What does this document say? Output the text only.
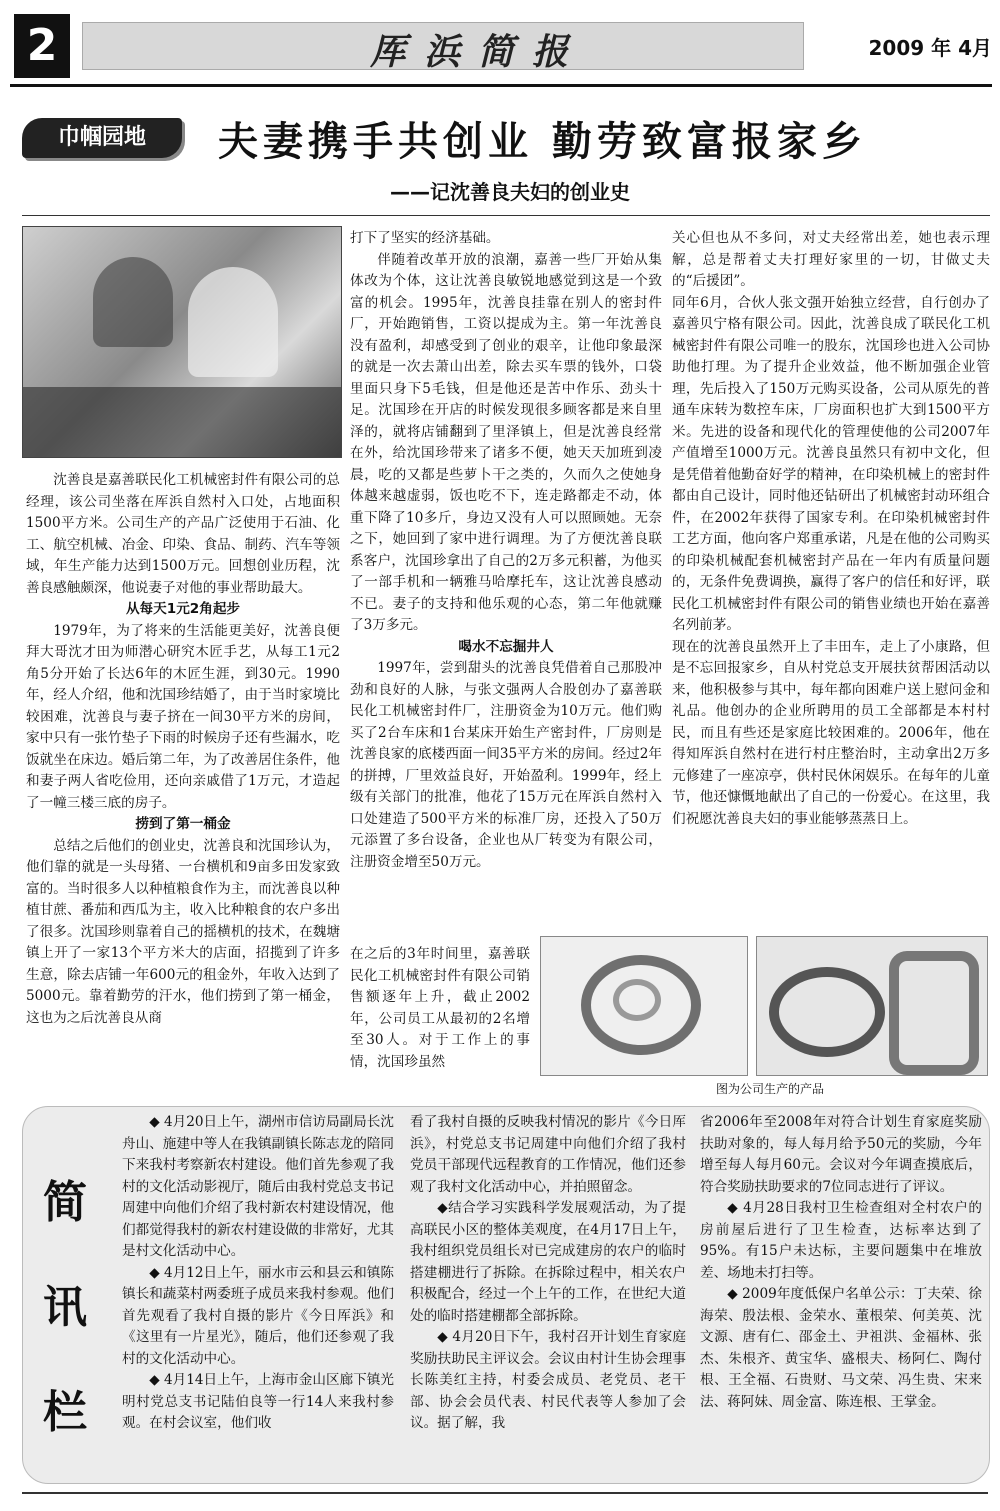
2	厍浜简报	2009 年 4月
巾帼园地	夫妻携手共创业 勤劳致富报家乡
——记沈善良夫妇的创业史

沈善良是嘉善联民化工机械密封件有限公司的总经理，该公司坐落在厍浜自然村入口处，占地面积1500平方米。公司生产的产品广泛使用于石油、化工、航空机械、冶金、印染、食品、制药、汽车等领域，年生产能力达到1500万元。回想创业历程，沈善良感触颇深，他说妻子对他的事业帮助最大。

从每天1元2角起步

1979年，为了将来的生活能更美好，沈善良便拜大哥沈才田为师潜心研究木匠手艺，从每工1元2角5分开始了长达6年的木匠生涯，到30元。1990年，经人介绍，他和沈国珍结婚了，由于当时家境比较困难，沈善良与妻子挤在一间30平方米的房间，家中只有一张竹垫子下雨的时候房子还有些漏水，吃饭就坐在床边。婚后第二年，为了改善居住条件，他和妻子两人省吃俭用，还向亲戚借了1万元，才造起了一幢三楼三底的房子。

捞到了第一桶金

总结之后他们的创业史，沈善良和沈国珍认为，他们靠的就是一头母猪、一台横机和9亩多田发家致富的。当时很多人以种植粮食作为主，而沈善良以种植甘蔗、番茄和西瓜为主，收入比种粮食的农户多出了很多。沈国珍则靠着自己的摇横机的技术，在魏塘镇上开了一家13个平方米大的店面，招揽到了许多生意，除去店铺一年600元的租金外，年收入达到了5000元。靠着勤劳的汗水，他们捞到了第一桶金，这也为之后沈善良从商

打下了坚实的经济基础。

伴随着改革开放的浪潮，嘉善一些厂开始从集体改为个体，这让沈善良敏锐地感觉到这是一个致富的机会。1995年，沈善良挂靠在别人的密封件厂，开始跑销售，工资以提成为主。第一年沈善良没有盈利，却感受到了创业的艰辛，让他印象最深的就是一次去萧山出差，除去买车票的钱外，口袋里面只身下5毛钱，但是他还是苦中作乐、劲头十足。沈国珍在开店的时候发现很多顾客都是来自里泽的，就将店铺翻到了里泽镇上，但是沈善良经常在外，给沈国珍带来了诸多不便，她天天加班到凌晨，吃的又都是些萝卜干之类的，久而久之使她身体越来越虚弱，饭也吃不下，连走路都走不动，体重下降了10多斤，身边又没有人可以照顾她。无奈之下，她回到了家中进行调理。为了方便沈善良联系客户，沈国珍拿出了自己的2万多元积蓄，为他买了一部手机和一辆雅马哈摩托车，这让沈善良感动不已。妻子的支持和他乐观的心态，第二年他就赚了3万多元。

喝水不忘掘井人

1997年，尝到甜头的沈善良凭借着自己那股冲劲和良好的人脉，与张文强两人合股创办了嘉善联民化工机械密封件厂，注册资金为10万元。他们购买了2台车床和1台某床开始生产密封件，厂房则是沈善良家的底楼西面一间35平方米的房间。经过2年的拼搏，厂里效益良好，开始盈利。1999年，经上级有关部门的批准，他花了15万元在厍浜自然村入口处建造了500平方米的标准厂房，还投入了50万元添置了多台设备，企业也从厂转变为有限公司，注册资金增至50万元。

在之后的3年时间里，嘉善联民化工机械密封件有限公司销售额逐年上升，截止2002年，公司员工从最初的2名增至30人。对于工作上的事情，沈国珍虽然

关心但也从不多问，对丈夫经常出差，她也表示理解，总是帮着丈夫打理好家里的一切，甘做丈夫的“后援团”。

同年6月，合伙人张文强开始独立经营，自行创办了嘉善贝宁格有限公司。因此，沈善良成了联民化工机械密封件有限公司唯一的股东，沈国珍也进入公司协助他打理。为了提升企业效益，他不断加强企业管理，先后投入了150万元购买设备，公司从原先的普通车床转为数控车床，厂房面积也扩大到1500平方米。先进的设备和现代化的管理使他的公司2007年产值增至1000万元。沈善良虽然只有初中文化，但是凭借着他勤奋好学的精神，在印染机械上的密封件都由自己设计，同时他还钻研出了机械密封动环组合件，在2002年获得了国家专利。在印染机械密封件工艺方面，他向客户郑重承诺，凡是在他的公司购买的印染机械配套机械密封产品在一年内有质量问题的，无条件免费调换，赢得了客户的信任和好评，联民化工机械密封件有限公司的销售业绩也开始在嘉善名列前茅。

现在的沈善良虽然开上了丰田车，走上了小康路，但是不忘回报家乡，自从村党总支开展扶贫帮困活动以来，他积极参与其中，每年都向困难户送上慰问金和礼品。他创办的企业所聘用的员工全部都是本村村民，而且有些还是家庭比较困难的。2006年，他在得知厍浜自然村在进行村庄整治时，主动拿出2万多元修建了一座凉亭，供村民休闲娱乐。在每年的儿童节，他还慷慨地献出了自己的一份爱心。在这里，我们祝愿沈善良夫妇的事业能够蒸蒸日上。

图为公司生产的产品
简
讯
栏

◆ 4月20日上午，湖州市信访局副局长沈舟山、施建中等人在我镇副镇长陈志龙的陪同下来我村考察新农村建设。他们首先参观了我村的文化活动影视厅，随后由我村党总支书记周建中向他们介绍了我村新农村建设情况，他们都觉得我村的新农村建设做的非常好，尤其是村文化活动中心。

◆ 4月12日上午，丽水市云和县云和镇陈镇长和蔬菜村两委班子成员来我村参观。他们首先观看了我村自摄的影片《今日厍浜》和《这里有一片星光》，随后，他们还参观了我村的文化活动中心。

◆ 4月14日上午，上海市金山区廊下镇光明村党总支书记陆伯良等一行14人来我村参观。在村会议室，他们收

看了我村自摄的反映我村情况的影片《今日厍浜》，村党总支书记周建中向他们介绍了我村党员干部现代远程教育的工作情况，他们还参观了我村文化活动中心，并拍照留念。

◆结合学习实践科学发展观活动，为了提高联民小区的整体美观度，在4月17日上午，我村组织党员组长对已完成建房的农户的临时搭建棚进行了拆除。在拆除过程中，相关农户积极配合，经过一个上午的工作，在世纪大道处的临时搭建棚都全部拆除。

◆ 4月20日下午，我村召开计划生育家庭奖励扶助民主评议会。会议由村计生协会理事长陈美红主持，村委会成员、老党员、老干部、协会会员代表、村民代表等人参加了会议。据了解，我

省2006年至2008年对符合计划生育家庭奖励扶助对象的，每人每月给予50元的奖励，今年增至每人每月60元。会议对今年调查摸底后，符合奖励扶助要求的7位同志进行了评议。

◆ 4月28日我村卫生检查组对全村农户的房前屋后进行了卫生检查，达标率达到了95%。有15户未达标，主要问题集中在堆放差、场地未打扫等。

◆ 2009年度低保户名单公示：丁夫荣、徐海荣、殷法根、金荣水、董根荣、何美英、沈文源、唐有仁、邵金土、尹祖洪、金福林、张杰、朱根齐、黄宝华、盛根夫、杨阿仁、陶付根、王全福、石贵财、马文荣、冯生贵、宋来法、蒋阿妹、周金富、陈连根、王掌金。
